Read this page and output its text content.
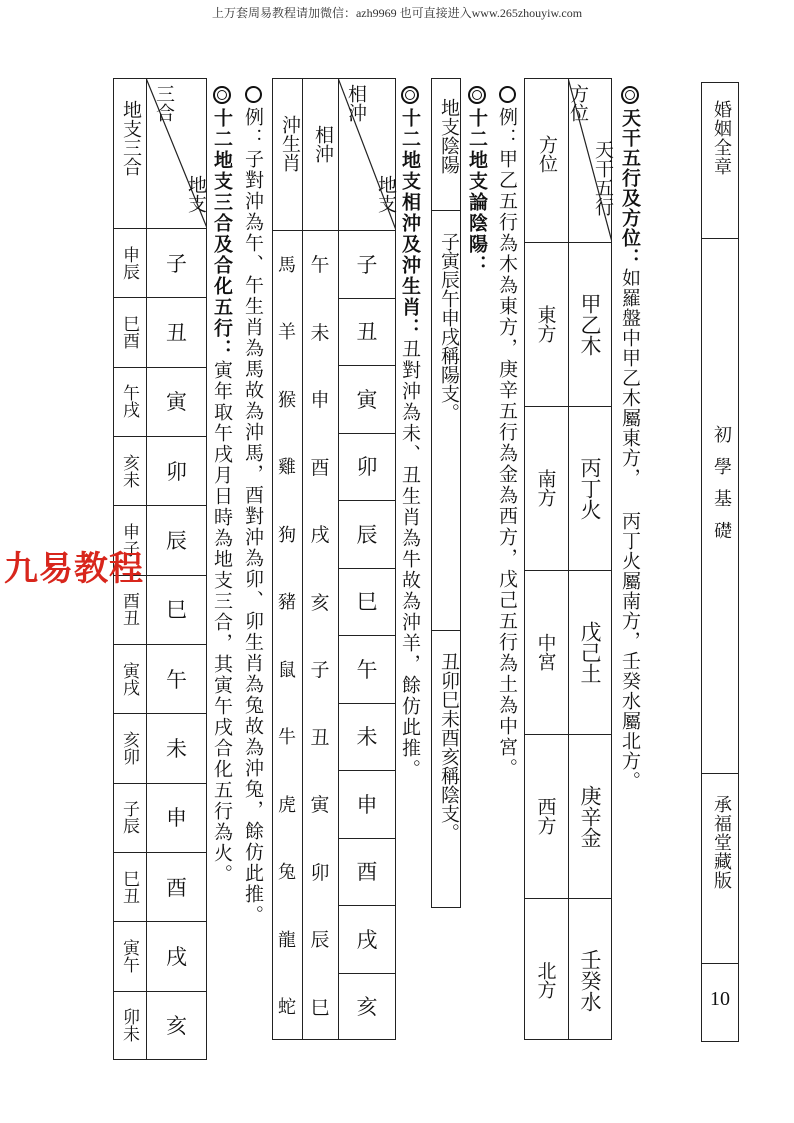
上万套周易教程请加微信：azh9969 也可直接进入www.265zhouyiw.com
婚姻全章
初學基礎
承福堂藏版
10
天干五行及方位：如羅盤中甲乙木屬東方， 丙丁火屬南方，壬癸水屬北方。
天干五行
方位
方位
甲乙木
東方
丙丁火
南方
戊己土
中宮
庚辛金
西方
壬癸水
北方
例：甲乙五行為木為東方，庚辛五行為金為西方，戊己五行為土為中宮。
十二地支論陰陽：
地支陰陽
子寅辰午申戌稱陽支。
丑卯巳未酉亥稱陰支。
十二地支相沖及沖生肖：丑對沖為未、丑生肖為牛故為沖羊，餘仿此推。
地支
相沖
相沖
沖生肖
子
午
馬
丑
未
羊
寅
申
猴
卯
酉
雞
辰
戌
狗
巳
亥
豬
午
子
鼠
未
丑
牛
申
寅
虎
酉
卯
兔
戌
辰
龍
亥
巳
蛇
例：子對沖為午、午生肖為馬故為沖馬，酉對沖為卯、卯生肖為兔故為沖兔，餘仿此推。
十二地支三合及合化五行：寅年取午戌月日時為地支三合，其寅午戌合化五行為火。
地支
三合
地支三合
子
申辰
丑
巳酉
寅
午戌
卯
亥未
辰
申子
巳
酉丑
午
寅戌
未
亥卯
申
子辰
酉
巳丑
戌
寅午
亥
卯未
九易教程
